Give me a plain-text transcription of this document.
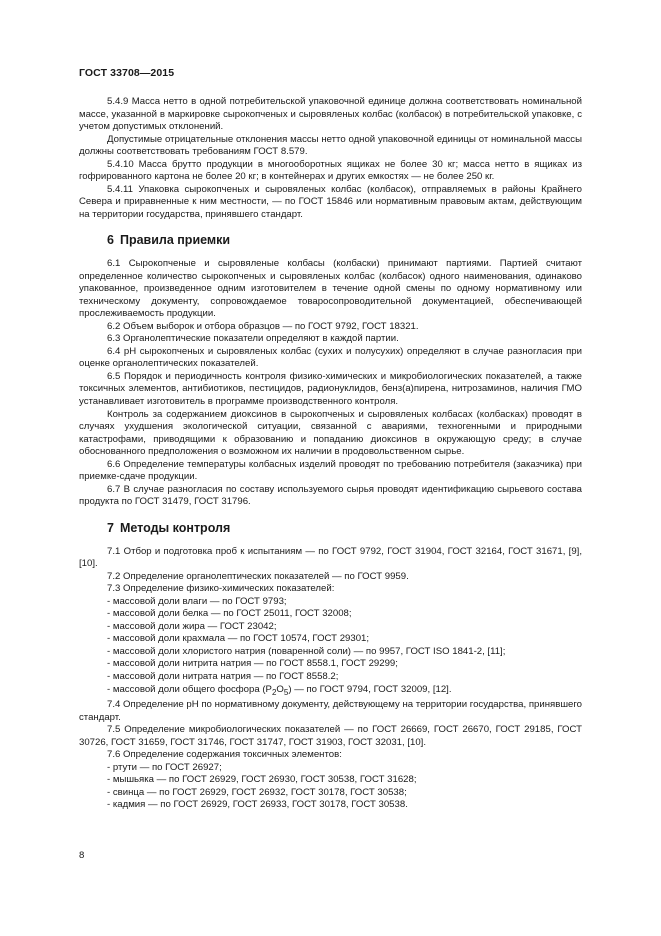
ГОСТ 33708—2015

5.4.9 Масса нетто в одной потребительской упаковочной единице должна соответствовать номинальной массе, указанной в маркировке сырокопченых и сыровяленых колбас (колбасок) в потребительской упаковке, с учетом допустимых отклонений.

Допустимые отрицательные отклонения массы нетто одной упаковочной единицы от номинальной массы должны соответствовать требованиям ГОСТ 8.579.

5.4.10 Масса брутто продукции в многооборотных ящиках не более 30 кг; масса нетто в ящиках из гофрированного картона не более 20 кг; в контейнерах и других емкостях — не более 250 кг.

5.4.11 Упаковка сырокопченых и сыровяленых колбас (колбасок), отправляемых в районы Крайнего Севера и приравненные к ним местности, — по ГОСТ 15846 или нормативным правовым актам, действующим на территории государства, принявшего стандарт.

6 Правила приемки

6.1 Сырокопченые и сыровяленые колбасы (колбаски) принимают партиями. Партией считают определенное количество сырокопченых и сыровяленых колбас (колбасок) одного наименования, одинаково упакованное, произведенное одним изготовителем в течение одной смены по одному нормативному или техническому документу, сопровождаемое товаросопроводительной документацией, обеспечивающей прослеживаемость продукции.

6.2 Объем выборок и отбора образцов — по ГОСТ 9792, ГОСТ 18321.

6.3 Органолептические показатели определяют в каждой партии.

6.4 pH сырокопченых и сыровяленых колбас (сухих и полусухих) определяют в случае разногласия при оценке органолептических показателей.

6.5 Порядок и периодичность контроля физико-химических и микробиологических показателей, а также токсичных элементов, антибиотиков, пестицидов, радионуклидов, бенз(а)пирена, нитрозаминов, наличия ГМО устанавливает изготовитель в программе производственного контроля.

Контроль за содержанием диоксинов в сырокопченых и сыровяленых колбасах (колбасках) проводят в случаях ухудшения экологической ситуации, связанной с авариями, техногенными и природными катастрофами, приводящими к образованию и попаданию диоксинов в окружающую среду; в случае обоснованного предположения о возможном их наличии в продовольственном сырье.

6.6 Определение температуры колбасных изделий проводят по требованию потребителя (заказчика) при приемке-сдаче продукции.

6.7 В случае разногласия по составу используемого сырья проводят идентификацию сырьевого состава продукта по ГОСТ 31479, ГОСТ 31796.

7 Методы контроля

7.1 Отбор и подготовка проб к испытаниям — по ГОСТ 9792, ГОСТ 31904, ГОСТ 32164, ГОСТ 31671, [9], [10].

7.2 Определение органолептических показателей — по ГОСТ 9959.

7.3 Определение физико-химических показателей:

- массовой доли влаги — по ГОСТ 9793;

- массовой доли белка — по ГОСТ 25011, ГОСТ 32008;

- массовой доли жира — ГОСТ 23042;

- массовой доли крахмала — по ГОСТ 10574, ГОСТ 29301;

- массовой доли хлористого натрия (поваренной соли) — по 9957, ГОСТ ISO 1841-2, [11];

- массовой доли нитрита натрия — по ГОСТ 8558.1, ГОСТ 29299;

- массовой доли нитрата натрия — по ГОСТ 8558.2;

- массовой доли общего фосфора $(P_2O_5)$ — по ГОСТ 9794, ГОСТ 32009, [12].

7.4 Определение pH по нормативному документу, действующему на территории государства, принявшего стандарт.

7.5 Определение микробиологических показателей — по ГОСТ 26669, ГОСТ 26670, ГОСТ 29185, ГОСТ 30726, ГОСТ 31659, ГОСТ 31746, ГОСТ 31747, ГОСТ 31903, ГОСТ 32031, [10].

7.6 Определение содержания токсичных элементов:

- ртути — по ГОСТ 26927;

- мышьяка — по ГОСТ 26929, ГОСТ 26930, ГОСТ 30538, ГОСТ 31628;

- свинца — по ГОСТ 26929, ГОСТ 26932, ГОСТ 30178, ГОСТ 30538;

- кадмия — по ГОСТ 26929, ГОСТ 26933, ГОСТ 30178, ГОСТ 30538.

8
